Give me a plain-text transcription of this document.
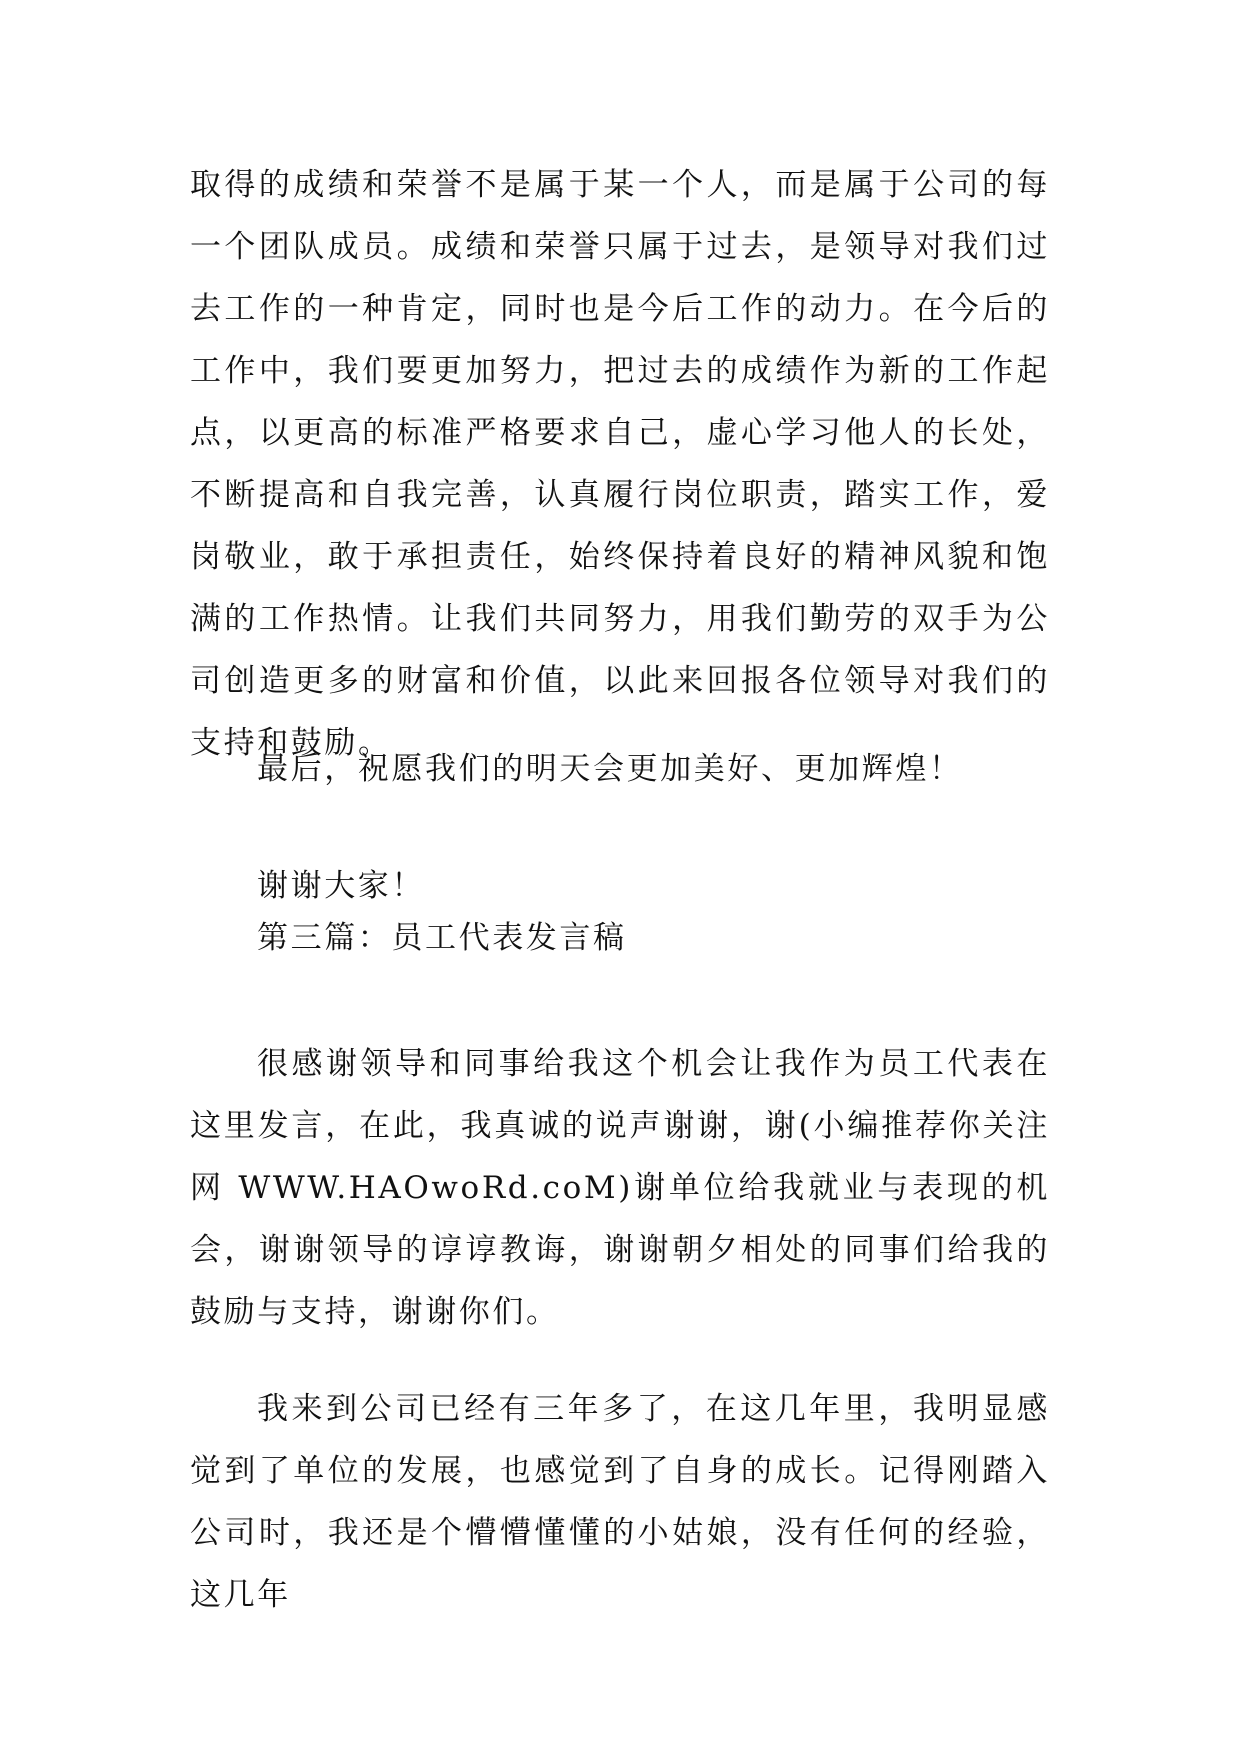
取得的成绩和荣誉不是属于某一个人，而是属于公司的每一个团队成员。成绩和荣誉只属于过去，是领导对我们过去工作的一种肯定，同时也是今后工作的动力。在今后的工作中，我们要更加努力，把过去的成绩作为新的工作起点，以更高的标准严格要求自己，虚心学习他人的长处，不断提高和自我完善，认真履行岗位职责，踏实工作，爱岗敬业，敢于承担责任，始终保持着良好的精神风貌和饱满的工作热情。让我们共同努力，用我们勤劳的双手为公司创造更多的财富和价值，以此来回报各位领导对我们的支持和鼓励。

最后，祝愿我们的明天会更加美好、更加辉煌！

谢谢大家！

第三篇：员工代表发言稿

很感谢领导和同事给我这个机会让我作为员工代表在这里发言，在此，我真诚的说声谢谢，谢(小编推荐你关注网 WWW.HAOwoRd.coM)谢单位给我就业与表现的机会，谢谢领导的谆谆教诲，谢谢朝夕相处的同事们给我的鼓励与支持，谢谢你们。

我来到公司已经有三年多了，在这几年里，我明显感觉到了单位的发展，也感觉到了自身的成长。记得刚踏入公司时，我还是个懵懵懂懂的小姑娘，没有任何的经验，这几年
